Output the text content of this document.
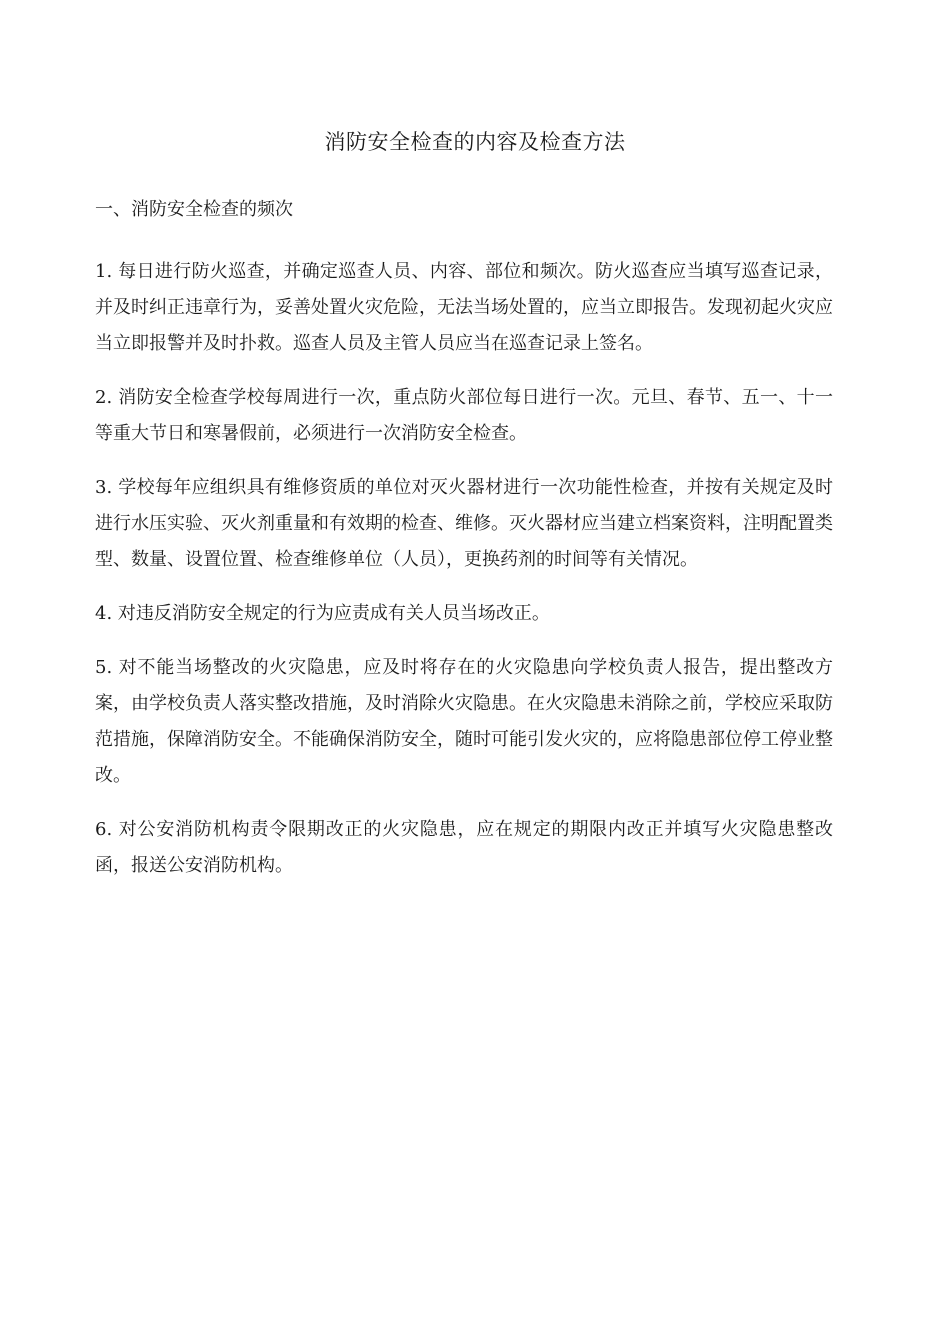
消防安全检查的内容及检查方法
一、消防安全检查的频次

1. 每日进行防火巡查，并确定巡查人员、内容、部位和频次。防火巡查应当填写巡查记录，并及时纠正违章行为，妥善处置火灾危险，无法当场处置的，应当立即报告。发现初起火灾应当立即报警并及时扑救。巡查人员及主管人员应当在巡查记录上签名。

2. 消防安全检查学校每周进行一次，重点防火部位每日进行一次。元旦、春节、五一、十一等重大节日和寒暑假前，必须进行一次消防安全检查。

3. 学校每年应组织具有维修资质的单位对灭火器材进行一次功能性检查，并按有关规定及时进行水压实验、灭火剂重量和有效期的检查、维修。灭火器材应当建立档案资料，注明配置类型、数量、设置位置、检查维修单位（人员），更换药剂的时间等有关情况。

4. 对违反消防安全规定的行为应责成有关人员当场改正。

5. 对不能当场整改的火灾隐患，应及时将存在的火灾隐患向学校负责人报告，提出整改方案，由学校负责人落实整改措施，及时消除火灾隐患。在火灾隐患未消除之前，学校应采取防范措施，保障消防安全。不能确保消防安全，随时可能引发火灾的，应将隐患部位停工停业整改。

6. 对公安消防机构责令限期改正的火灾隐患，应在规定的期限内改正并填写火灾隐患整改函，报送公安消防机构。
